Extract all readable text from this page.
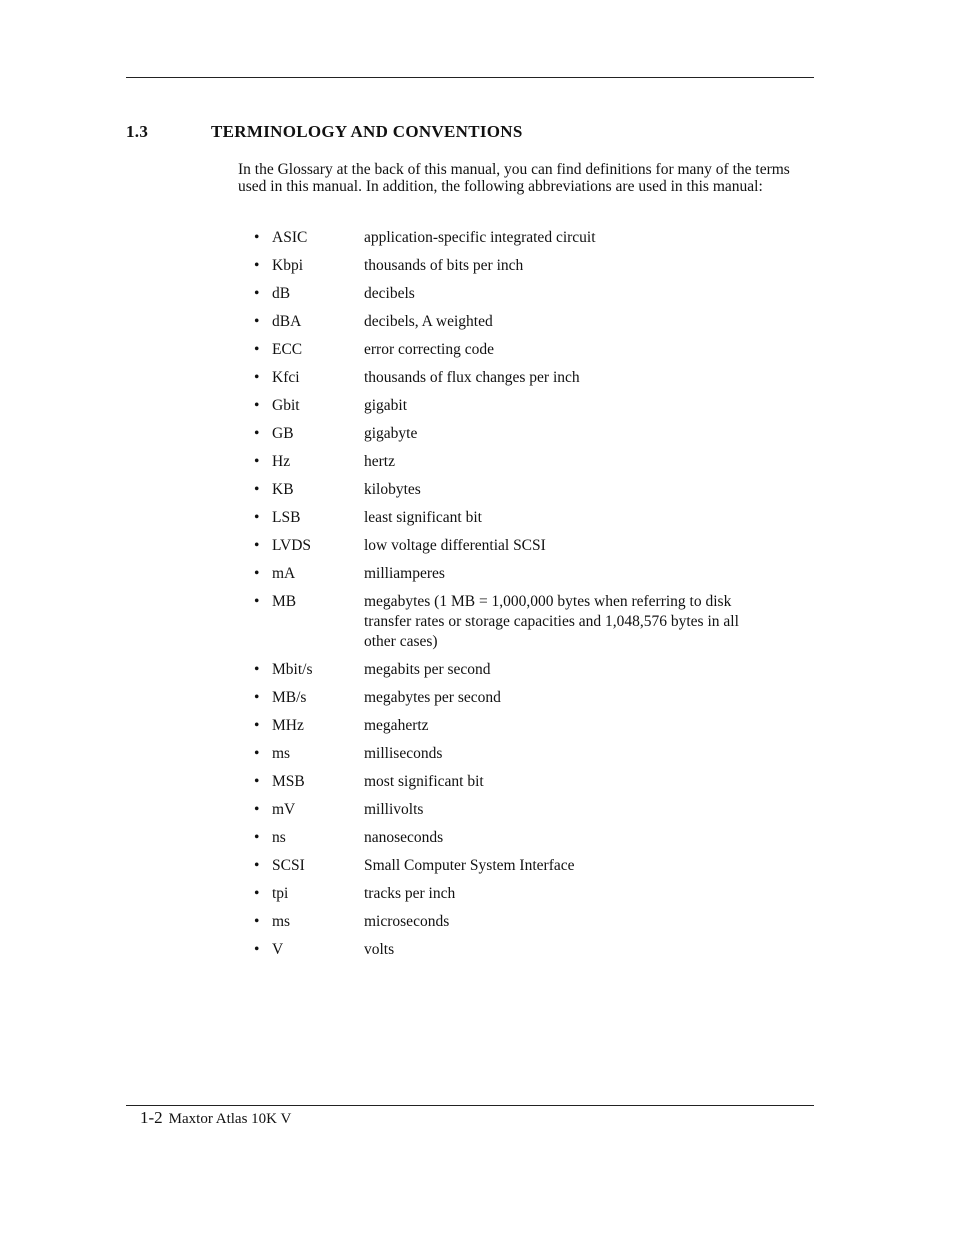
1.3	TERMINOLOGY AND CONVENTIONS

In the Glossary at the back of this manual, you can find definitions for many of the terms used in this manual. In addition, the following abbreviations are used in this manual:

• ASIC	application-specific integrated circuit
• Kbpi	thousands of bits per inch
• dB	decibels
• dBA	decibels, A weighted
• ECC	error correcting code
• Kfci	thousands of flux changes per inch
• Gbit	gigabit
• GB	gigabyte
• Hz	hertz
• KB	kilobytes
• LSB	least significant bit
• LVDS	low voltage differential SCSI
• mA	milliamperes
• MB	megabytes (1 MB = 1,000,000 bytes when referring to disk transfer rates or storage capacities and 1,048,576 bytes in all other cases)
• Mbit/s	megabits per second
• MB/s	megabytes per second
• MHz	megahertz
• ms	milliseconds
• MSB	most significant bit
• mV	millivolts
• ns	nanoseconds
• SCSI	Small Computer System Interface
• tpi	tracks per inch
• ms	microseconds
• V	volts

1-2 Maxtor Atlas 10K V
